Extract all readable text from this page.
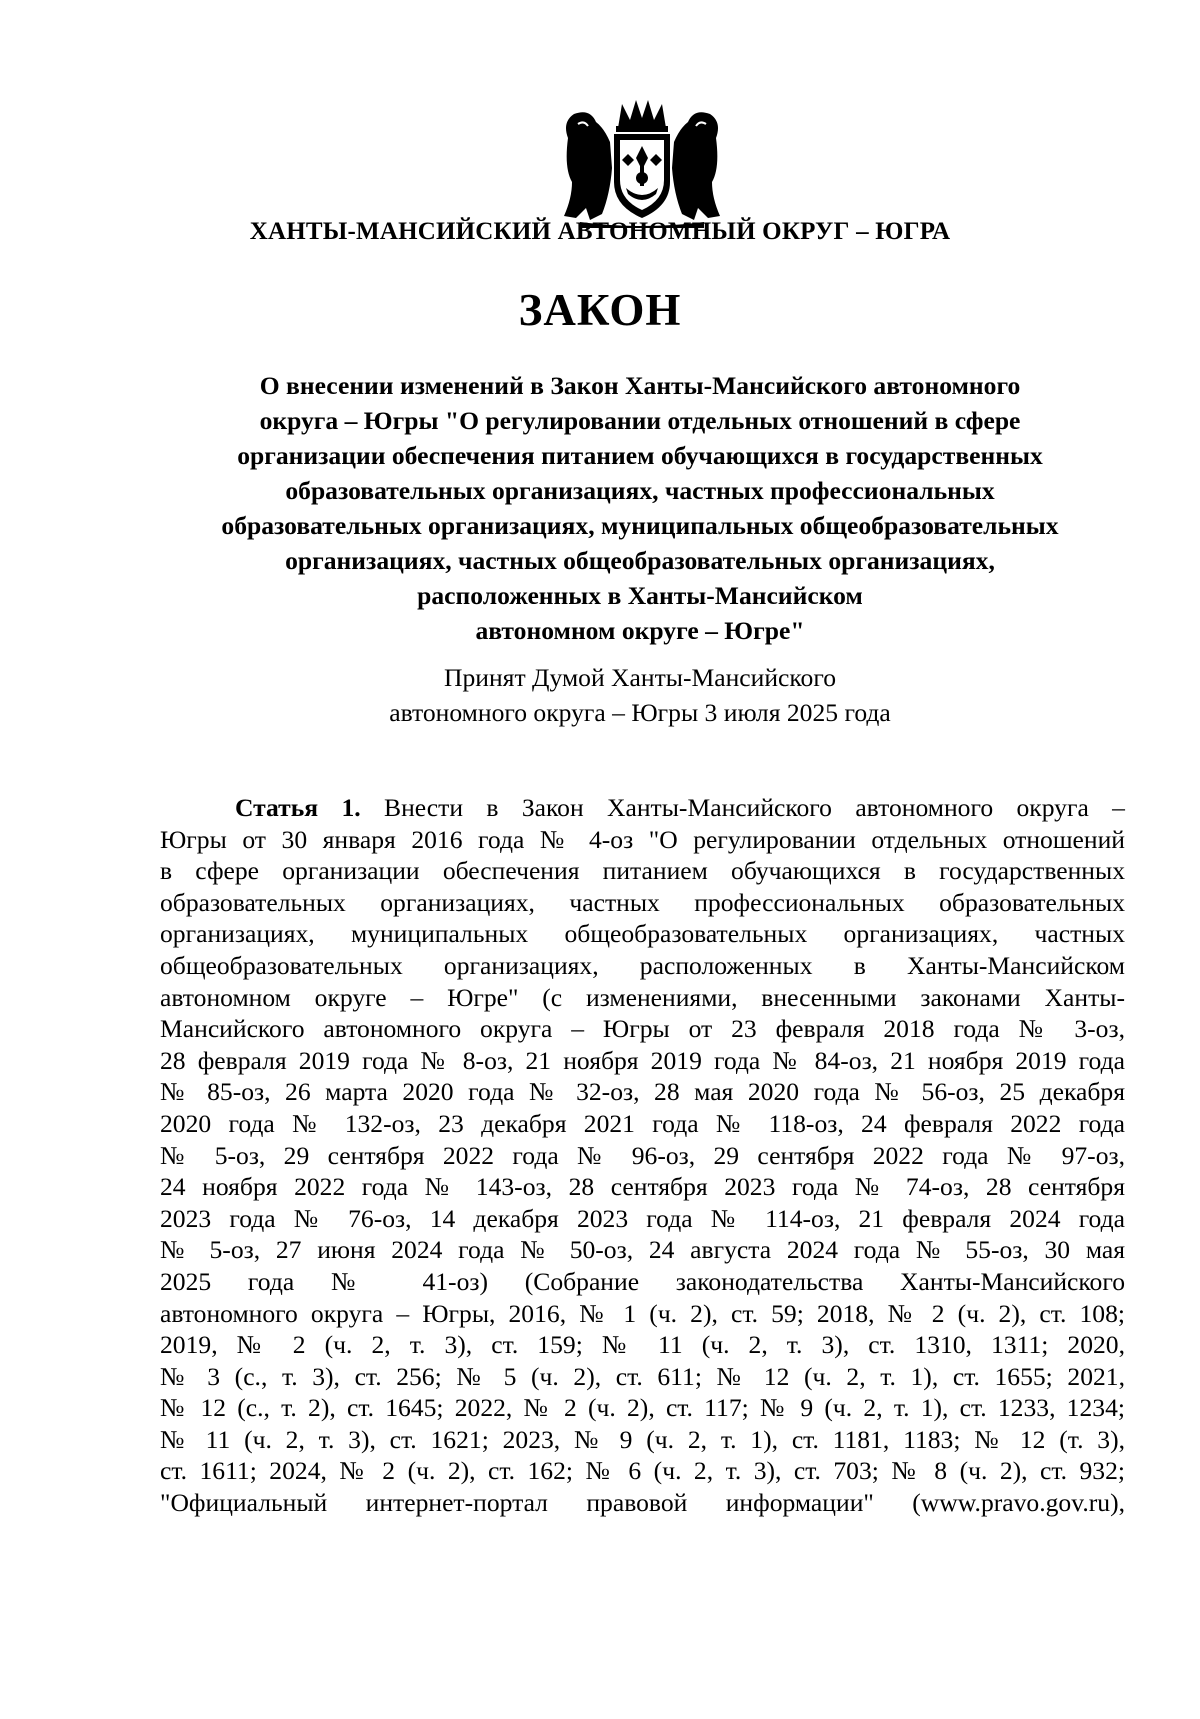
ХАНТЫ-МАНСИЙСКИЙ АВТОНОМНЫЙ ОКРУГ – ЮГРА
ЗАКОН
О внесении изменений в Закон Ханты-Мансийского автономного
округа – Югры "О регулировании отдельных отношений в сфере
организации обеспечения питанием обучающихся в государственных
образовательных организациях, частных профессиональных
образовательных организациях, муниципальных общеобразовательных
организациях, частных общеобразовательных организациях,
расположенных в Ханты-Мансийском
автономном округе – Югре"
Принят Думой Ханты-Мансийского
автономного округа – Югры 3 июля 2025 года
Статья 1. Внести в Закон Ханты-Мансийского автономного округа –
Югры от 30 января 2016 года № 4-оз "О регулировании отдельных отношений
в сфере организации обеспечения питанием обучающихся в государственных
образовательных организациях, частных профессиональных образовательных
организациях, муниципальных общеобразовательных организациях, частных
общеобразовательных организациях, расположенных в Ханты-Мансийском
автономном округе – Югре" (с изменениями, внесенными законами Ханты-
Мансийского автономного округа – Югры от 23 февраля 2018 года № 3-оз,
28 февраля 2019 года № 8-оз, 21 ноября 2019 года № 84-оз, 21 ноября 2019 года
№ 85-оз, 26 марта 2020 года № 32-оз, 28 мая 2020 года № 56-оз, 25 декабря
2020 года № 132-оз, 23 декабря 2021 года № 118-оз, 24 февраля 2022 года
№ 5-оз, 29 сентября 2022 года № 96-оз, 29 сентября 2022 года № 97-оз,
24 ноября 2022 года № 143-оз, 28 сентября 2023 года № 74-оз, 28 сентября
2023 года № 76-оз, 14 декабря 2023 года № 114-оз, 21 февраля 2024 года
№ 5-оз, 27 июня 2024 года № 50-оз, 24 августа 2024 года № 55-оз, 30 мая
2025 года № 41-оз) (Собрание законодательства Ханты-Мансийского
автономного округа – Югры, 2016, № 1 (ч. 2), ст. 59; 2018, № 2 (ч. 2), ст. 108;
2019, № 2 (ч. 2, т. 3), ст. 159; № 11 (ч. 2, т. 3), ст. 1310, 1311; 2020,
№ 3 (с., т. 3), ст. 256; № 5 (ч. 2), ст. 611; № 12 (ч. 2, т. 1), ст. 1655; 2021,
№ 12 (с., т. 2), ст. 1645; 2022, № 2 (ч. 2), ст. 117; № 9 (ч. 2, т. 1), ст. 1233, 1234;
№ 11 (ч. 2, т. 3), ст. 1621; 2023, № 9 (ч. 2, т. 1), ст. 1181, 1183; № 12 (т. 3),
ст. 1611; 2024, № 2 (ч. 2), ст. 162; № 6 (ч. 2, т. 3), ст. 703; № 8 (ч. 2), ст. 932;
"Официальный интернет-портал правовой информации" (www.pravo.gov.ru),
